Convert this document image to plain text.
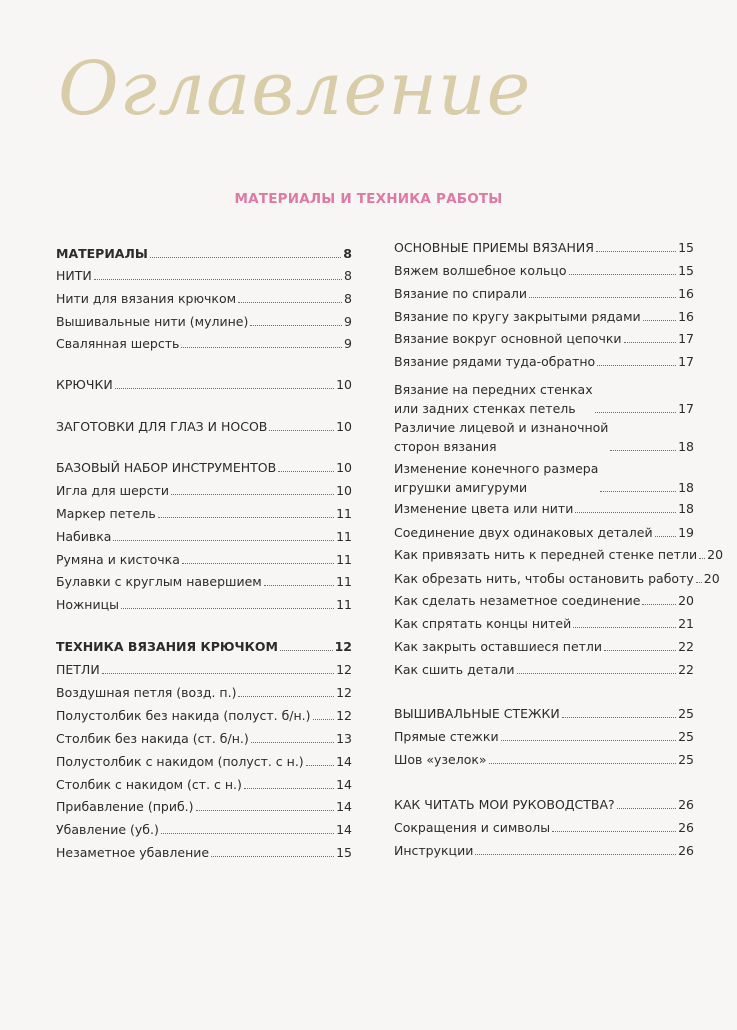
Оглавление
МАТЕРИАЛЫ И ТЕХНИКА РАБОТЫ
МАТЕРИАЛЫ	8
НИТИ	8
Нити для вязания крючком	8
Вышивальные нити (мулине)	9
Свалянная шерсть	9
КРЮЧКИ	10
ЗАГОТОВКИ ДЛЯ ГЛАЗ И НОСОВ	10
БАЗОВЫЙ НАБОР ИНСТРУМЕНТОВ	10
Игла для шерсти	10
Маркер петель	11
Набивка	11
Румяна и кисточка	11
Булавки с круглым навершием	11
Ножницы	11
ТЕХНИКА ВЯЗАНИЯ КРЮЧКОМ	12
ПЕТЛИ	12
Воздушная петля (возд. п.)	12
Полустолбик без накида (полуст. б/н.) 12
Столбик без накида (ст. б/н.)	13
Полустолбик с накидом (полуст. с н.)	14
Столбик с накидом (ст. с н.)	14
Прибавление (приб.)	14
Убавление (уб.)	14
Незаметное убавление	15
ОСНОВНЫЕ ПРИЕМЫ ВЯЗАНИЯ	15
Вяжем волшебное кольцо	15
Вязание по спирали	16
Вязание по кругу закрытыми рядами	16
Вязание вокруг основной цепочки	17
Вязание рядами туда-обратно	17
Вязание на передних стенках
или задних стенках петель	17
Различие лицевой и изнаночной
сторон вязания	18
Изменение конечного размера
игрушки амигуруми	18
Изменение цвета или нити	18
Соединение двух одинаковых деталей 19
Как привязать нить к передней стенке петли 20
Как обрезать нить, чтобы остановить работу 20
Как сделать незаметное соединение	20
Как спрятать концы нитей	21
Как закрыть оставшиеся петли	22
Как сшить детали	22
ВЫШИВАЛЬНЫЕ СТЕЖКИ	25
Прямые стежки	25
Шов «узелок»	25
КАК ЧИТАТЬ МОИ РУКОВОДСТВА?	26
Сокращения и символы	26
Инструкции	26
